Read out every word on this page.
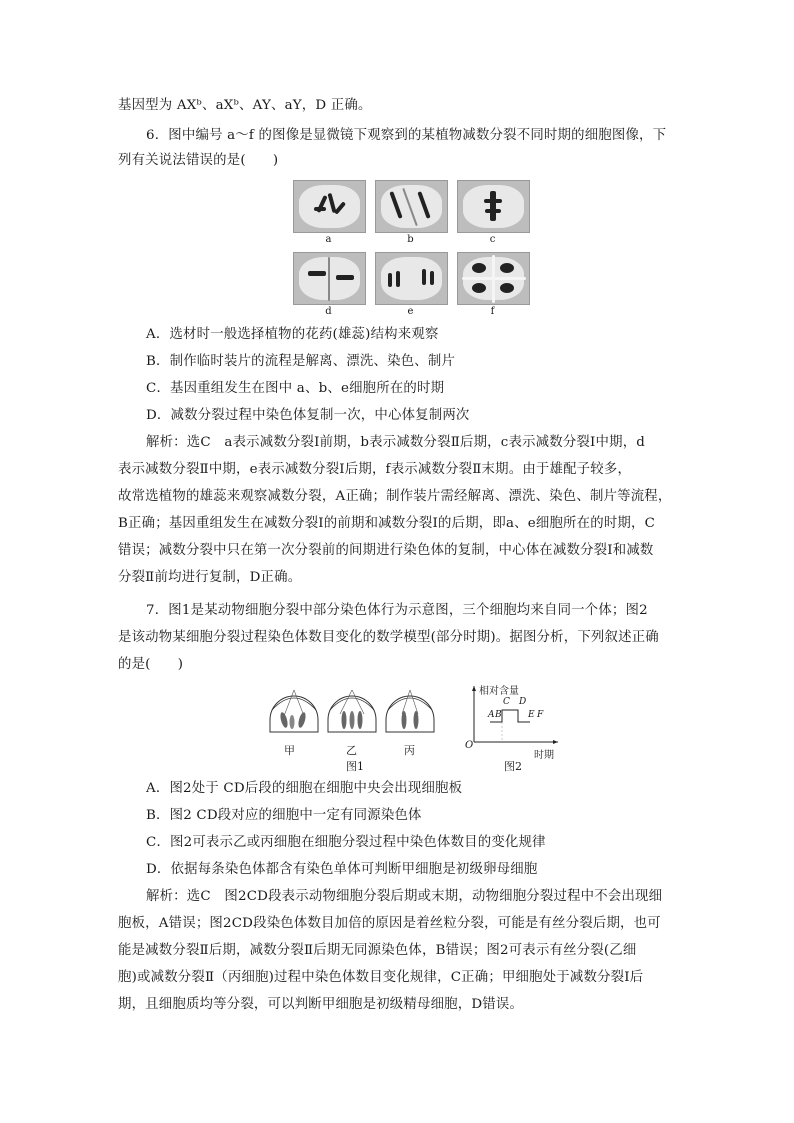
基因型为 AXᵇ、aXᵇ、AY、aY，D 正确。
6．图中编号 a～f 的图像是显微镜下观察到的某植物减数分裂不同时期的细胞图像，下
列有关说法错误的是(　　)
a	b	c
d	e	f
A．选材时一般选择植物的花药(雄蕊)结构来观察
B．制作临时装片的流程是解离、漂洗、染色、制片
C．基因重组发生在图中 a、b、e细胞所在的时期
D．减数分裂过程中染色体复制一次，中心体复制两次
解析：选C　a表示减数分裂Ⅰ前期，b表示减数分裂Ⅱ后期，c表示减数分裂Ⅰ中期，d
表示减数分裂Ⅱ中期，e表示减数分裂Ⅰ后期，f表示减数分裂Ⅱ末期。由于雄配子较多，
故常选植物的雄蕊来观察减数分裂，A正确；制作装片需经解离、漂洗、染色、制片等流程，
B正确；基因重组发生在减数分裂Ⅰ的前期和减数分裂Ⅰ的后期，即a、e细胞所在的时期，C
错误；减数分裂中只在第一次分裂前的间期进行染色体的复制，中心体在减数分裂Ⅰ和减数
分裂Ⅱ前均进行复制，D正确。
7．图1是某动物细胞分裂中部分染色体行为示意图，三个细胞均来自同一个体；图2
是该动物某细胞分裂过程染色体数目变化的数学模型(部分时期)。据图分析，下列叙述正确
的是(　　)
甲	乙	丙
图1
相对含量
时期
O
A B
C D
E F
图2
A．图2处于 CD后段的细胞在细胞中央会出现细胞板
B．图2 CD段对应的细胞中一定有同源染色体
C．图2可表示乙或丙细胞在细胞分裂过程中染色体数目的变化规律
D．依据每条染色体都含有染色单体可判断甲细胞是初级卵母细胞
解析：选C　图2CD段表示动物细胞分裂后期或末期，动物细胞分裂过程中不会出现细
胞板，A错误；图2CD段染色体数目加倍的原因是着丝粒分裂，可能是有丝分裂后期，也可
能是减数分裂Ⅱ后期，减数分裂Ⅱ后期无同源染色体，B错误；图2可表示有丝分裂(乙细
胞)或减数分裂Ⅱ（丙细胞)过程中染色体数目变化规律，C正确；甲细胞处于减数分裂Ⅰ后
期，且细胞质均等分裂，可以判断甲细胞是初级精母细胞，D错误。
